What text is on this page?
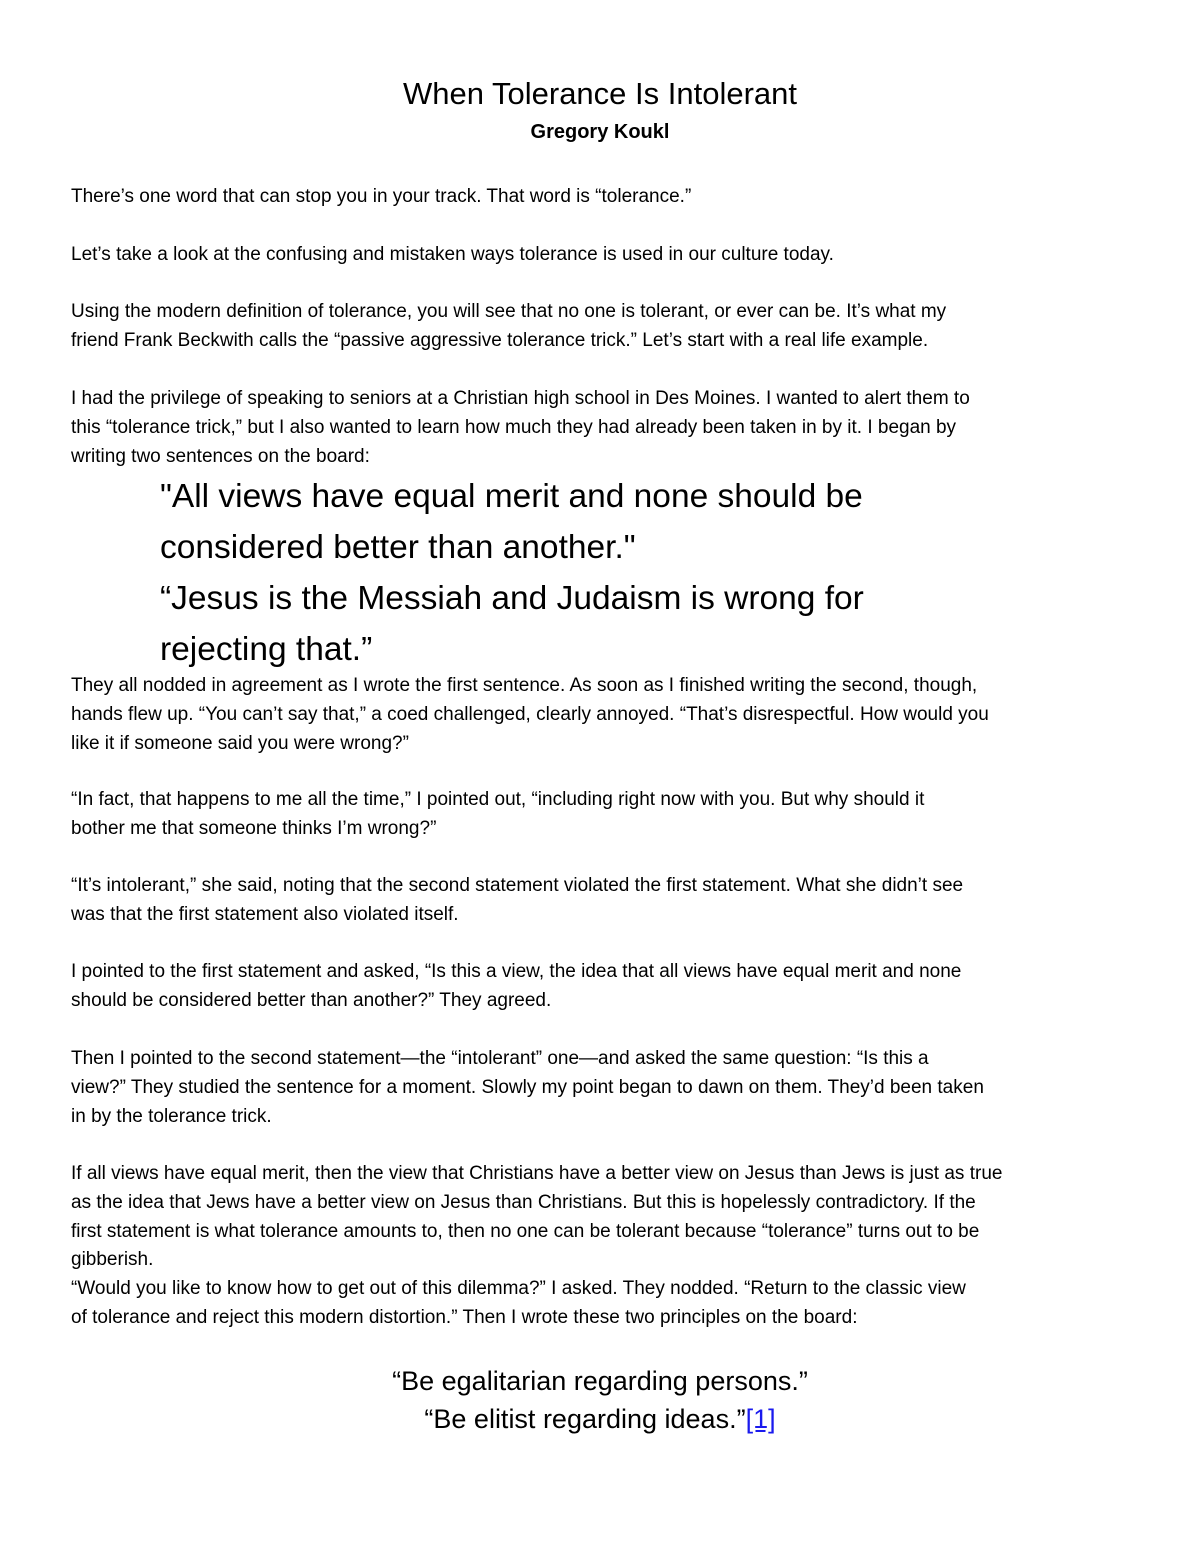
When Tolerance Is Intolerant
Gregory Koukl

There’s one word that can stop you in your track. That word is “tolerance.”

Let’s take a look at the confusing and mistaken ways tolerance is used in our culture today.

Using the modern definition of tolerance, you will see that no one is tolerant, or ever can be. It’s what my
friend Frank Beckwith calls the “passive aggressive tolerance trick.” Let’s start with a real life example.

I had the privilege of speaking to seniors at a Christian high school in Des Moines. I wanted to alert them to
this “tolerance trick,” but I also wanted to learn how much they had already been taken in by it. I began by
writing two sentences on the board:

"All views have equal merit and none should be
considered better than another."
“Jesus is the Messiah and Judaism is wrong for
rejecting that.”

They all nodded in agreement as I wrote the first sentence. As soon as I finished writing the second, though,
hands flew up. “You can’t say that,” a coed challenged, clearly annoyed. “That’s disrespectful. How would you
like it if someone said you were wrong?”

“In fact, that happens to me all the time,” I pointed out, “including right now with you. But why should it
bother me that someone thinks I’m wrong?”

“It’s intolerant,” she said, noting that the second statement violated the first statement. What she didn’t see
was that the first statement also violated itself.

I pointed to the first statement and asked, “Is this a view, the idea that all views have equal merit and none
should be considered better than another?” They agreed.

Then I pointed to the second statement—the “intolerant” one—and asked the same question: “Is this a
view?” They studied the sentence for a moment. Slowly my point began to dawn on them. They’d been taken
in by the tolerance trick.

If all views have equal merit, then the view that Christians have a better view on Jesus than Jews is just as true
as the idea that Jews have a better view on Jesus than Christians. But this is hopelessly contradictory. If the
first statement is what tolerance amounts to, then no one can be tolerant because “tolerance” turns out to be
gibberish.
“Would you like to know how to get out of this dilemma?” I asked. They nodded. “Return to the classic view
of tolerance and reject this modern distortion.” Then I wrote these two principles on the board:

“Be egalitarian regarding persons.”
“Be elitist regarding ideas.”[1]
